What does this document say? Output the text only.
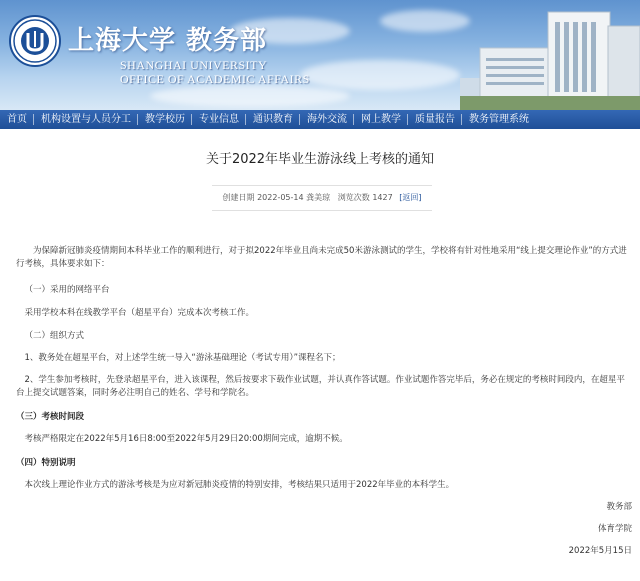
上海大学 教务部
SHANGHAI UNIVERSITY
OFFICE OF ACADEMIC AFFAIRS
首页	机构设置与人员分工	教学校历	专业信息	通识教育	海外交流	网上教学	质量报告	教务管理系统
关于2022年毕业生游泳线上考核的通知
创建日期 2022-05-14 龚美琼 浏览次数 1427 [返回]
为保障新冠肺炎疫情期间本科毕业工作的顺利进行，对于拟2022年毕业且尚未完成50米游泳测试的学生，学校将有针对性地采用“线上提交理论作业”的方式进行考核，具体要求如下：
（一）采用的网络平台
采用学校本科在线教学平台（超星平台）完成本次考核工作。
（二）组织方式
1、教务处在超星平台，对上述学生统一导入“游泳基础理论（考试专用）”课程名下；
2、学生参加考核时，先登录超星平台，进入该课程，然后按要求下载作业试题，并认真作答试题。作业试题作答完毕后，务必在规定的考核时间段内，在超星平台上提交试题答案，同时务必注明自己的姓名、学号和学院名。
（三）考核时间段
考核严格限定在2022年5月16日8:00至2022年5月29日20:00期间完成，逾期不候。
（四）特别说明
本次线上理论作业方式的游泳考核是为应对新冠肺炎疫情的特别安排，考核结果只适用于2022年毕业的本科学生。
教务部
体育学院
2022年5月15日
